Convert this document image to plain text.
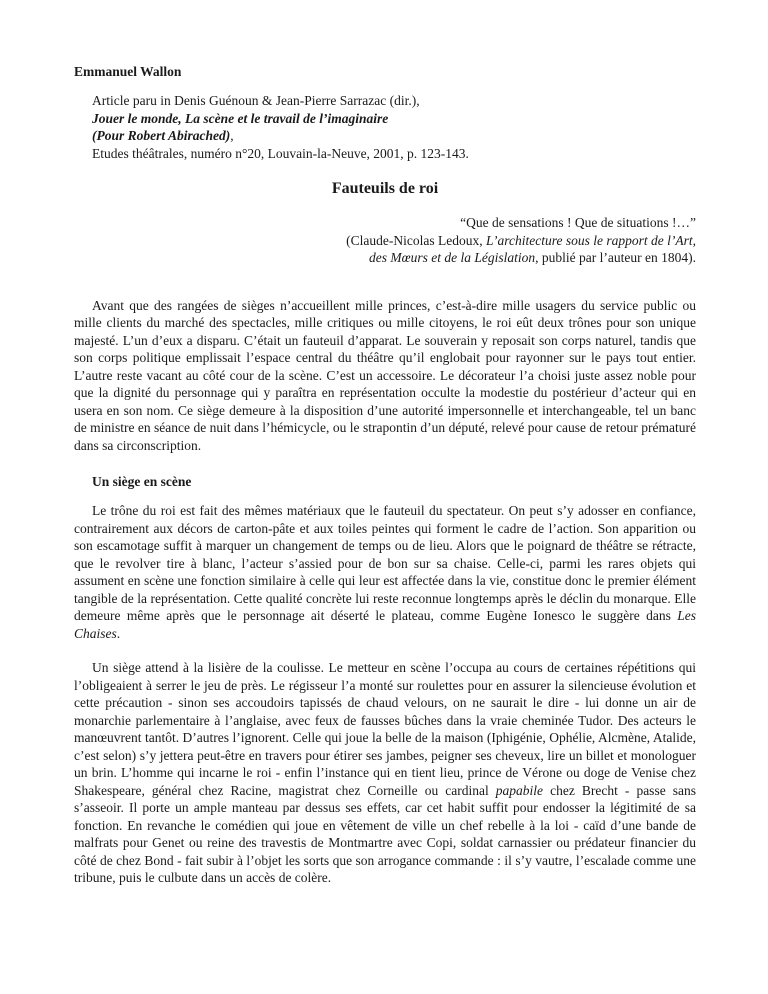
Emmanuel Wallon
Article paru in Denis Guénoun & Jean-Pierre Sarrazac (dir.),
Jouer le monde, La scène et le travail de l’imaginaire
(Pour Robert Abirached),
Etudes théâtrales, numéro n°20, Louvain-la-Neuve, 2001, p. 123-143.
Fauteuils de roi
“Que de sensations ! Que de situations !…”
(Claude-Nicolas Ledoux, L’architecture sous le rapport de l’Art,
des Mœurs et de la Législation, publié par l’auteur en 1804).

Avant que des rangées de sièges n’accueillent mille princes, c’est-à-dire mille usagers du service public ou mille clients du marché des spectacles, mille critiques ou mille citoyens, le roi eût deux trônes pour son unique majesté. L’un d’eux a disparu. C’était un fauteuil d’apparat. Le souverain y reposait son corps naturel, tandis que son corps politique emplissait l’espace central du théâtre qu’il englobait pour rayonner sur le pays tout entier. L’autre reste vacant au côté cour de la scène. C’est un accessoire. Le décorateur l’a choisi juste assez noble pour que la dignité du personnage qui y paraîtra en représentation occulte la modestie du postérieur d’acteur qui en usera en son nom. Ce siège demeure à la disposition d’une autorité impersonnelle et interchangeable, tel un banc de ministre en séance de nuit dans l’hémicycle, ou le strapontin d’un député, relevé pour cause de retour prématuré dans sa circonscription.

Un siège en scène

Le trône du roi est fait des mêmes matériaux que le fauteuil du spectateur. On peut s’y adosser en confiance, contrairement aux décors de carton-pâte et aux toiles peintes qui forment le cadre de l’action. Son apparition ou son escamotage suffit à marquer un changement de temps ou de lieu. Alors que le poignard de théâtre se rétracte, que le revolver tire à blanc, l’acteur s’assied pour de bon sur sa chaise. Celle-ci, parmi les rares objets qui assument en scène une fonction similaire à celle qui leur est affectée dans la vie, constitue donc le premier élément tangible de la représentation. Cette qualité concrète lui reste reconnue longtemps après le déclin du monarque. Elle demeure même après que le personnage ait déserté le plateau, comme Eugène Ionesco le suggère dans Les Chaises.

Un siège attend à la lisière de la coulisse. Le metteur en scène l’occupa au cours de certaines répétitions qui l’obligeaient à serrer le jeu de près. Le régisseur l’a monté sur roulettes pour en assurer la silencieuse évolution et cette précaution - sinon ses accoudoirs tapissés de chaud velours, on ne saurait le dire - lui donne un air de monarchie parlementaire à l’anglaise, avec feux de fausses bûches dans la vraie cheminée Tudor. Des acteurs le manœuvrent tantôt. D’autres l’ignorent. Celle qui joue la belle de la maison (Iphigénie, Ophélie, Alcmène, Atalide, c’est selon) s’y jettera peut-être en travers pour étirer ses jambes, peigner ses cheveux, lire un billet et monologuer un brin. L’homme qui incarne le roi - enfin l’instance qui en tient lieu, prince de Vérone ou doge de Venise chez Shakespeare, général chez Racine, magistrat chez Corneille ou cardinal papabile chez Brecht - passe sans s’asseoir. Il porte un ample manteau par dessus ses effets, car cet habit suffit pour endosser la légitimité de sa fonction. En revanche le comédien qui joue en vêtement de ville un chef rebelle à la loi - caïd d’une bande de malfrats pour Genet ou reine des travestis de Montmartre avec Copi, soldat carnassier ou prédateur financier du côté de chez Bond - fait subir à l’objet les sorts que son arrogance commande : il s’y vautre, l’escalade comme une tribune, puis le culbute dans un accès de colère.
